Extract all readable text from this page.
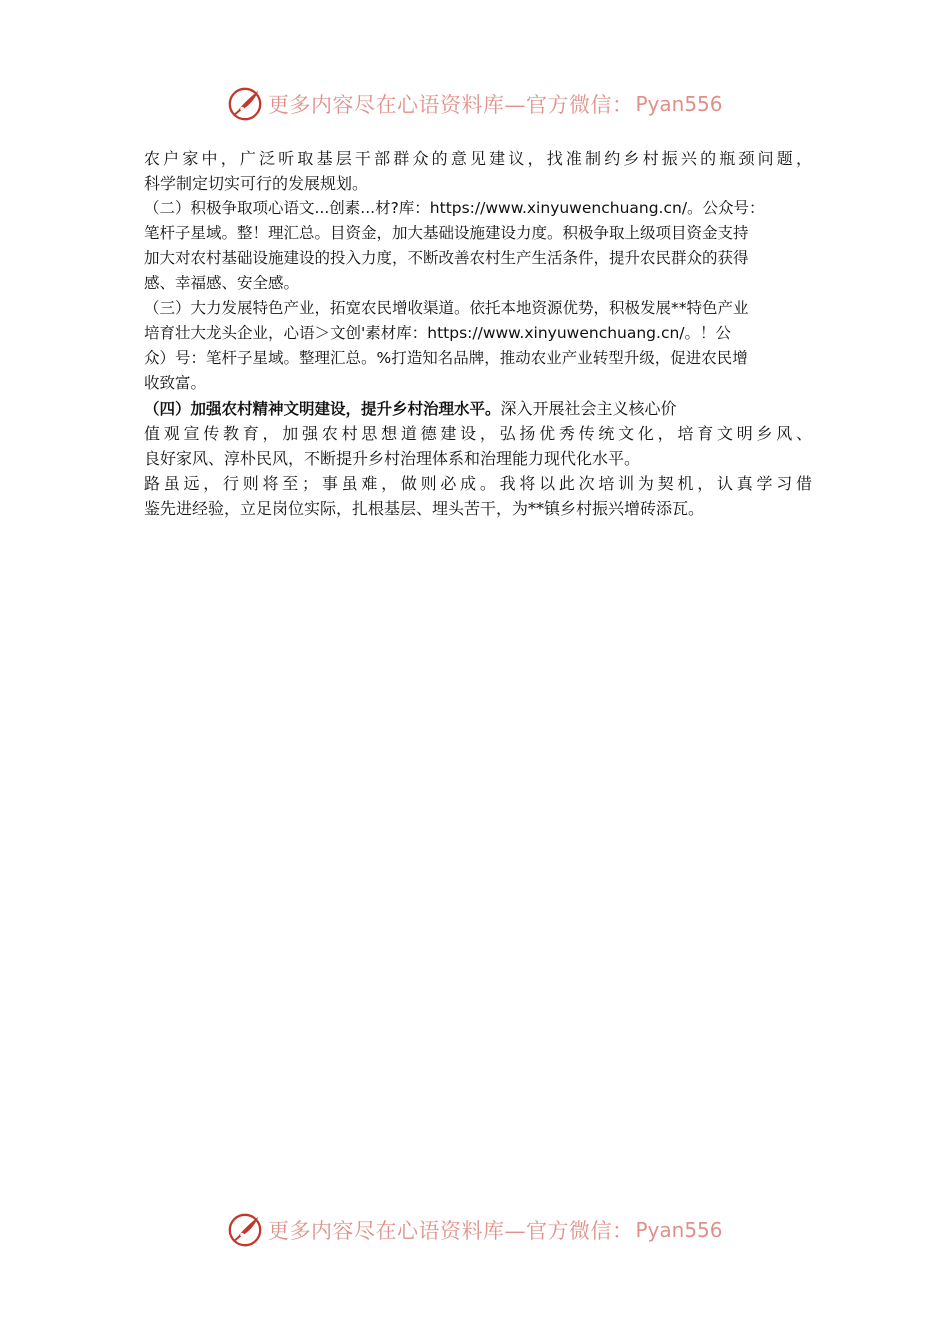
更多内容尽在心语资料库—官方微信： Pyan556
农户家中，广泛听取基层干部群众的意见建议，找准制约乡村振兴的瓶颈问题，
科学制定切实可行的发展规划。
（二）积极争取项心语文...创素...材?库：https://www.xinyuwenchuang.cn/。公众号：
笔杆子星域。整！理汇总。目资金，加大基础设施建设力度。积极争取上级项目资金支持
加大对农村基础设施建设的投入力度，不断改善农村生产生活条件，提升农民群众的获得
感、幸福感、安全感。
（三）大力发展特色产业，拓宽农民增收渠道。依托本地资源优势，积极发展**特色产业
培育壮大龙头企业，心语＞文创'素材库：https://www.xinyuwenchuang.cn/。！公
众）号：笔杆子星域。整理汇总。%打造知名品牌，推动农业产业转型升级，促进农民增
收致富。
（四）加强农村精神文明建设，提升乡村治理水平。深入开展社会主义核心价
值观宣传教育，加强农村思想道德建设，弘扬优秀传统文化，培育文明乡风、
良好家风、淳朴民风，不断提升乡村治理体系和治理能力现代化水平。
路虽远，行则将至；事虽难，做则必成。我将以此次培训为契机，认真学习借
鉴先进经验，立足岗位实际，扎根基层、埋头苦干，为**镇乡村振兴增砖添瓦。
更多内容尽在心语资料库—官方微信： Pyan556
